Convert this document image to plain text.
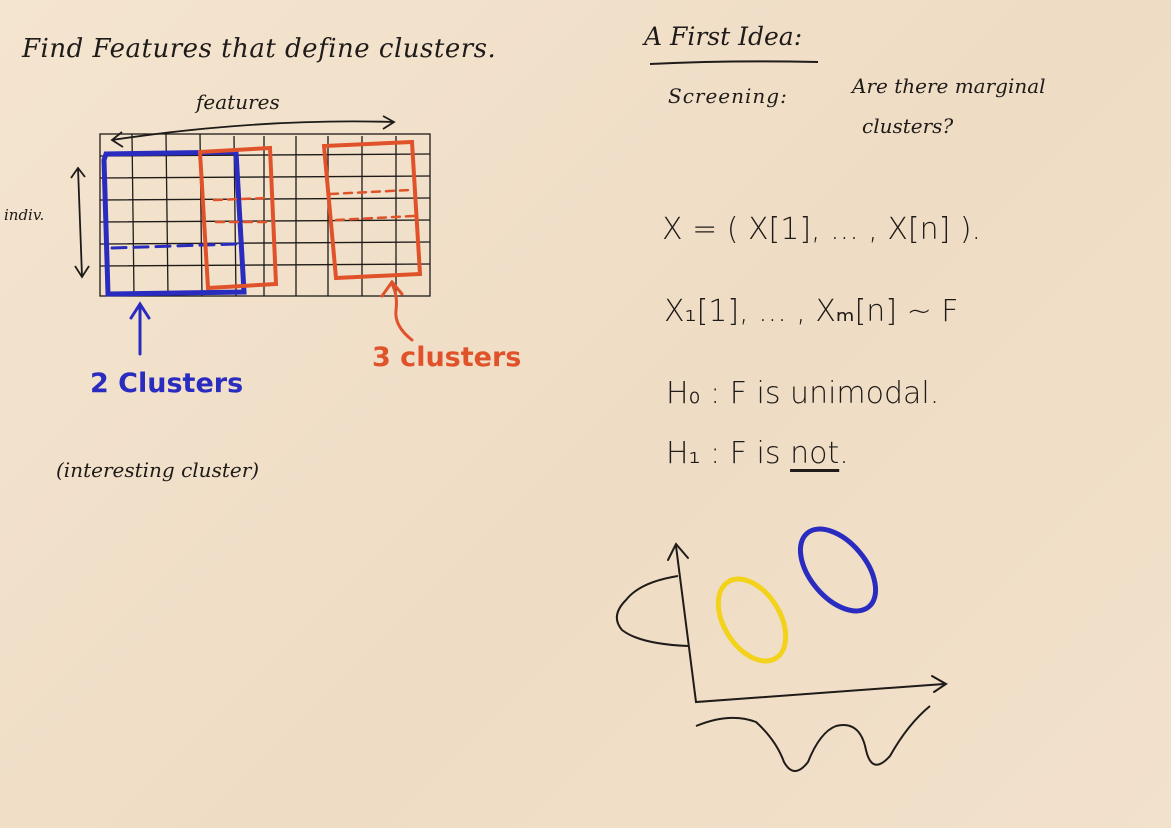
Find Features that define clusters.
features
indiv.
2 Clusters
3 clusters
(interesting cluster)
A First Idea:
Screening:	Are there marginal
clusters?
X = ( X[1], ... , X[n] ).
X₁[1], ... , Xₘ[n] ~ F
H₀ : F is unimodal.
H₁ : F is not.
